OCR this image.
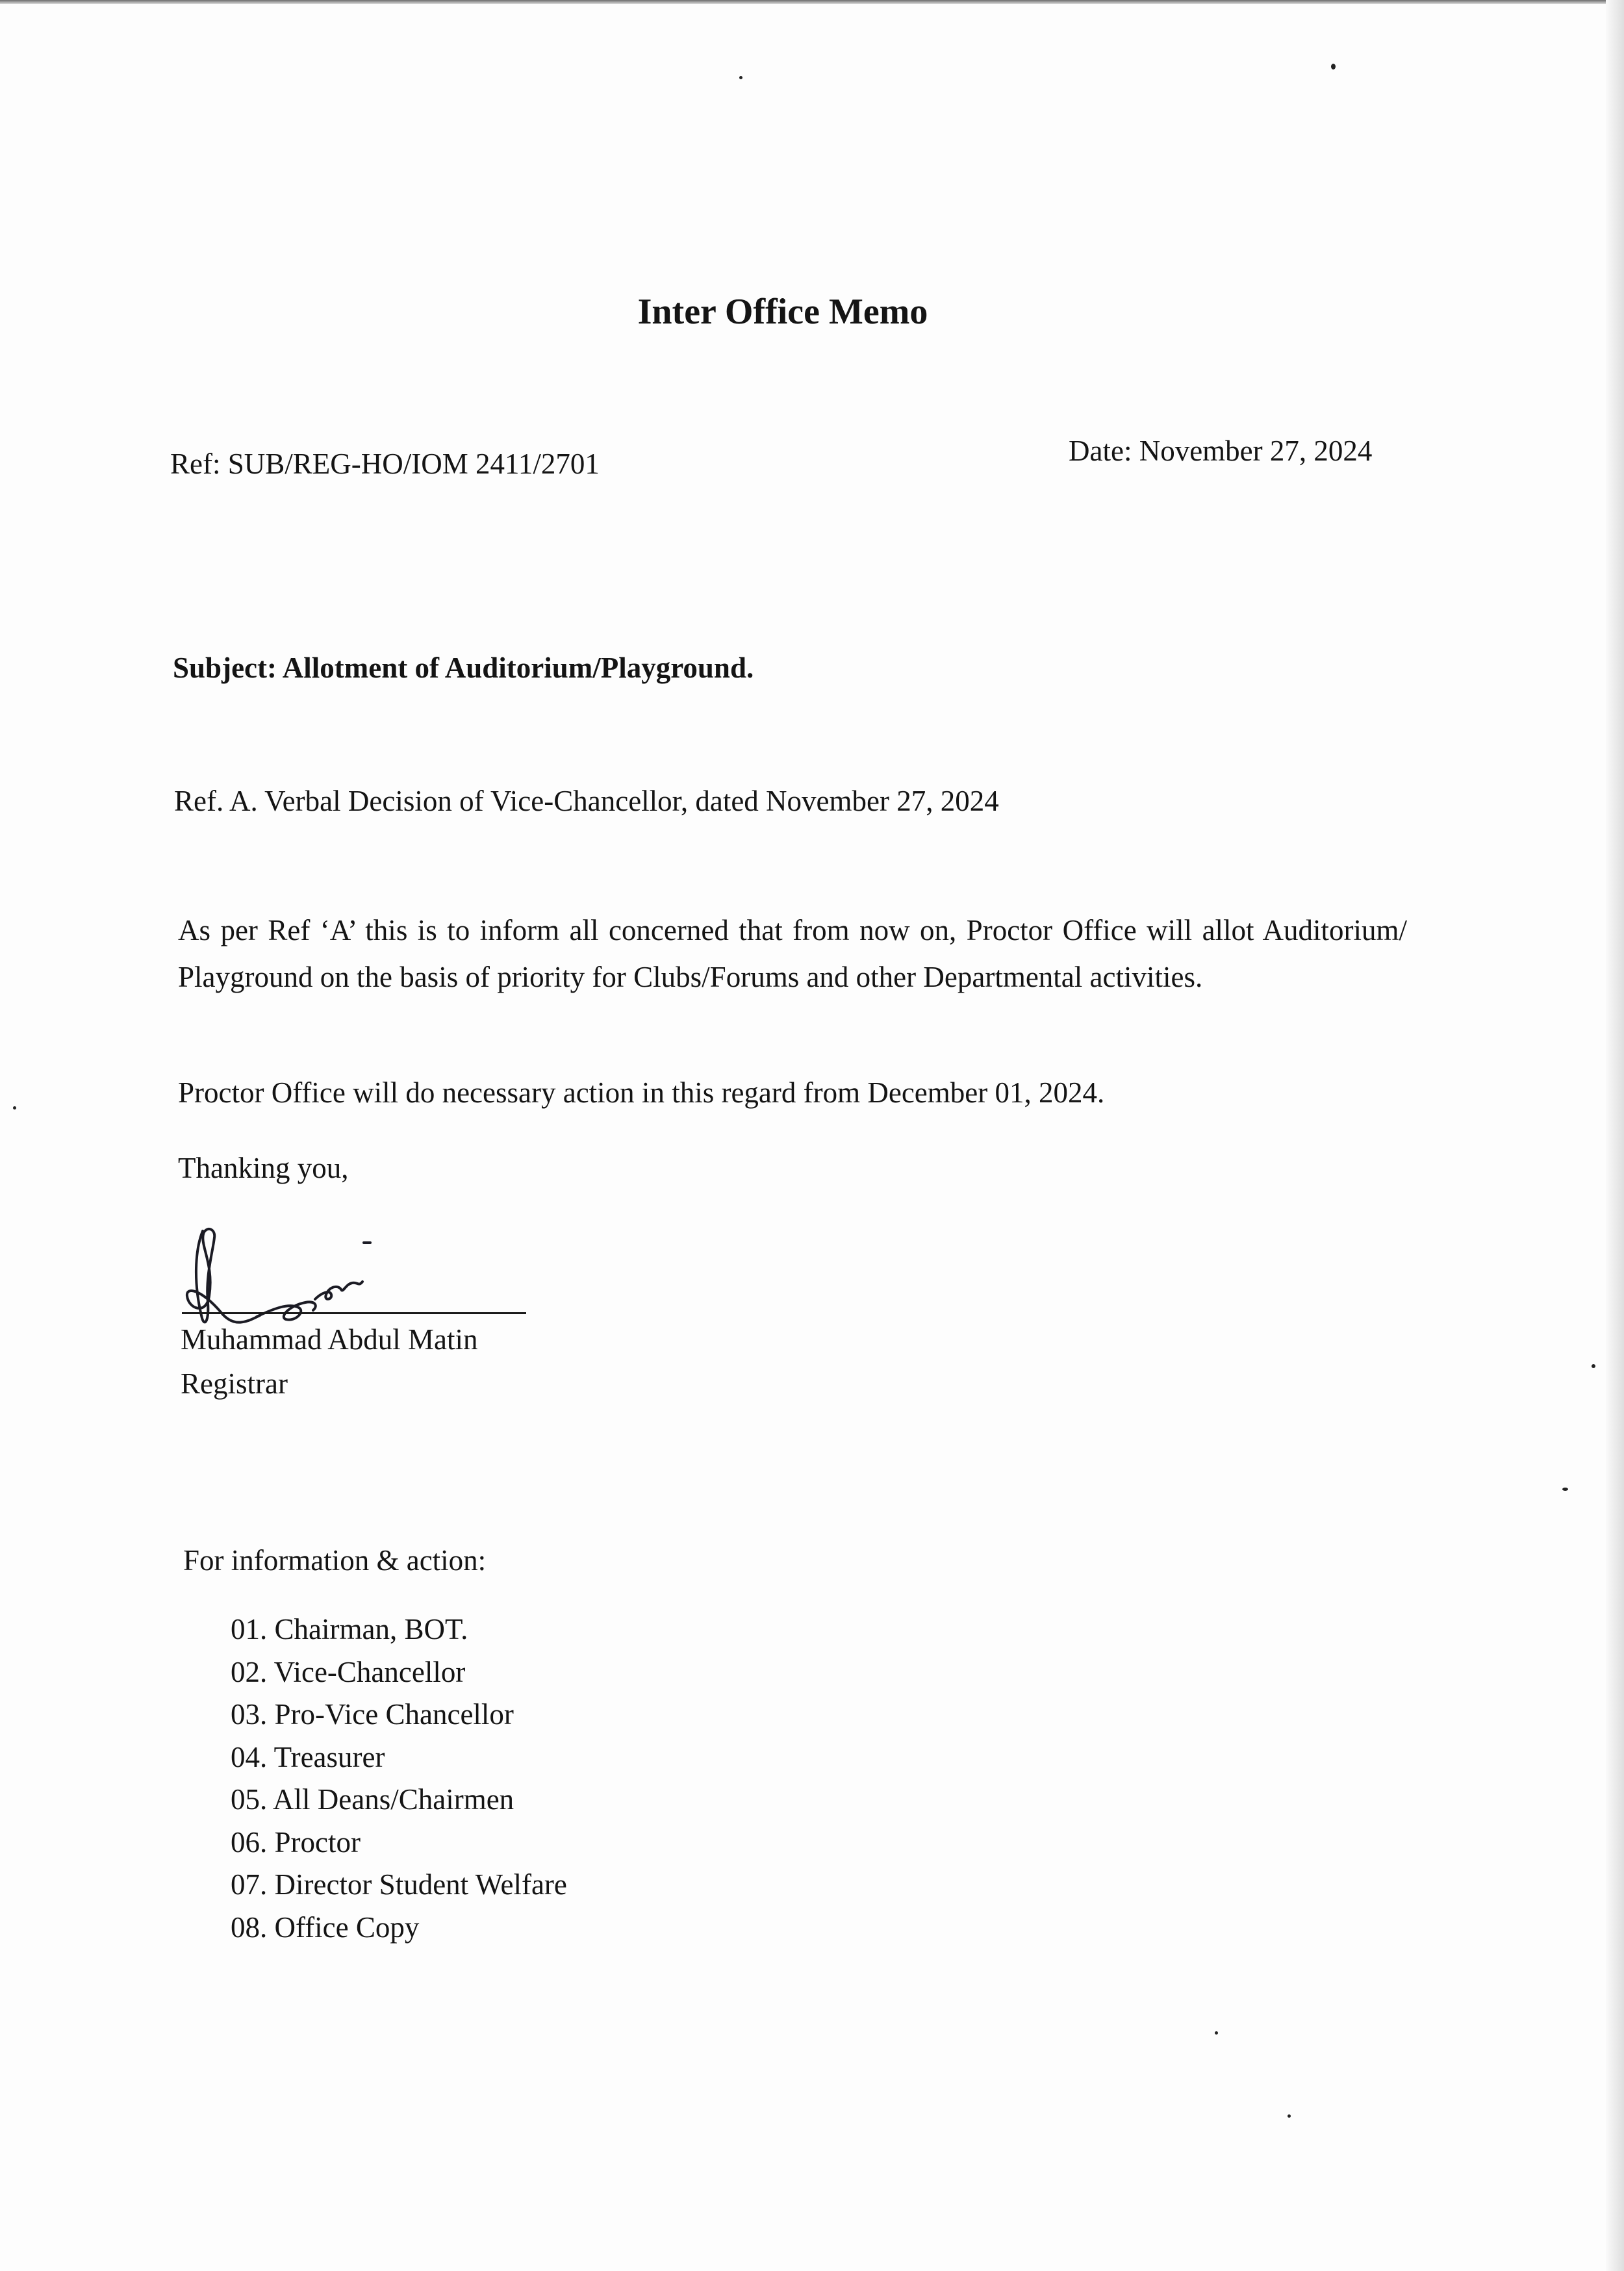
Inter Office Memo
Ref: SUB/REG-HO/IOM 2411/2701	Date: November 27, 2024
Subject: Allotment of Auditorium/Playground.
Ref. A. Verbal Decision of Vice-Chancellor, dated November 27, 2024

As per Ref ‘A’ this is to inform all concerned that from now on, Proctor Office will allot Auditorium/ Playground on the basis of priority for Clubs/Forums and other Departmental activities.

Proctor Office will do necessary action in this regard from December 01, 2024.

Thanking you,

Muhammad Abdul Matin
Registrar
For information & action:
01. Chairman, BOT.
02. Vice-Chancellor
03. Pro-Vice Chancellor
04. Treasurer
05. All Deans/Chairmen
06. Proctor
07. Director Student Welfare
08. Office Copy
